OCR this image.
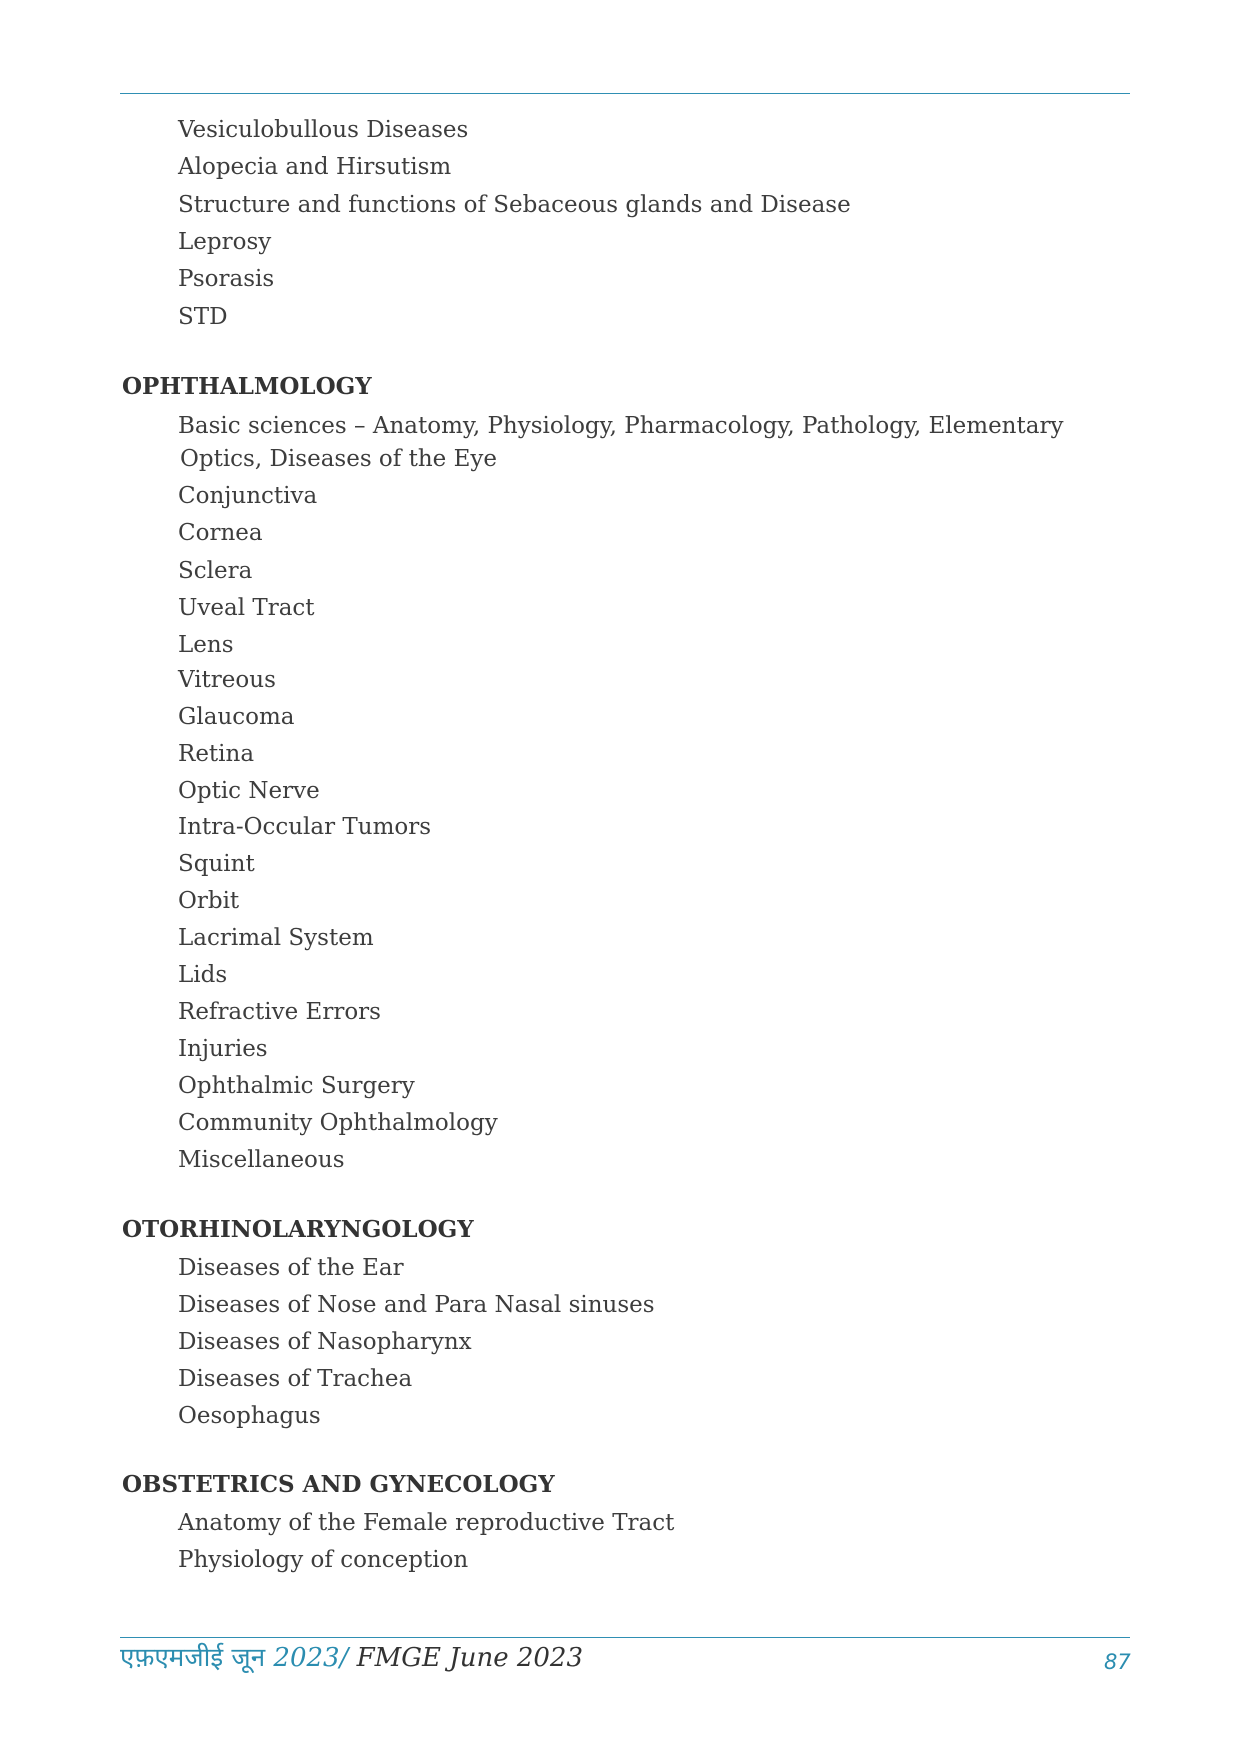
Vesiculobullous Diseases
Alopecia and Hirsutism
Structure and functions of Sebaceous glands and Disease
Leprosy
Psorasis
STD
OPHTHALMOLOGY
Basic sciences – Anatomy, Physiology, Pharmacology, Pathology, Elementary
Optics, Diseases of the Eye
Conjunctiva
Cornea
Sclera
Uveal Tract
Lens
Vitreous
Glaucoma
Retina
Optic Nerve
Intra-Occular Tumors
Squint
Orbit
Lacrimal System
Lids
Refractive Errors
Injuries
Ophthalmic Surgery
Community Ophthalmology
Miscellaneous
OTORHINOLARYNGOLOGY
Diseases of the Ear
Diseases of Nose and Para Nasal sinuses
Diseases of Nasopharynx
Diseases of Trachea
Oesophagus
OBSTETRICS AND GYNECOLOGY
Anatomy of the Female reproductive Tract
Physiology of conception
एफ़एमजीई जून 2023/ FMGE June 2023	87
